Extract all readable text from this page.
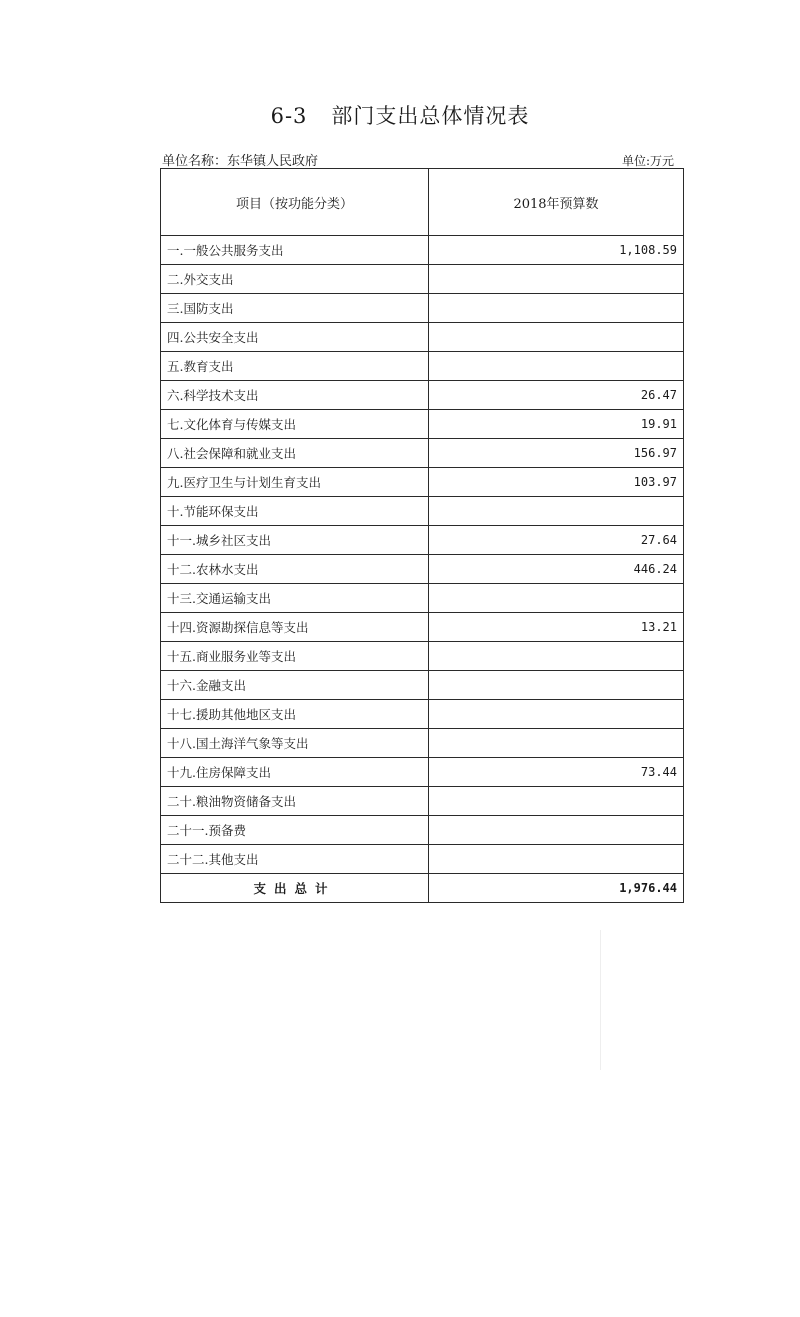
6-3 部门支出总体情况表
单位名称：东华镇人民政府	单位:万元
项目（按功能分类）	2018年预算数
一.一般公共服务支出	1,108.59
二.外交支出	
三.国防支出	
四.公共安全支出	
五.教育支出	
六.科学技术支出	26.47
七.文化体育与传媒支出	19.91
八.社会保障和就业支出	156.97
九.医疗卫生与计划生育支出	103.97
十.节能环保支出	
十一.城乡社区支出	27.64
十二.农林水支出	446.24
十三.交通运输支出	
十四.资源勘探信息等支出	13.21
十五.商业服务业等支出	
十六.金融支出	
十七.援助其他地区支出	
十八.国土海洋气象等支出	
十九.住房保障支出	73.44
二十.粮油物资储备支出	
二十一.预备费	
二十二.其他支出	
支出总计	1,976.44
